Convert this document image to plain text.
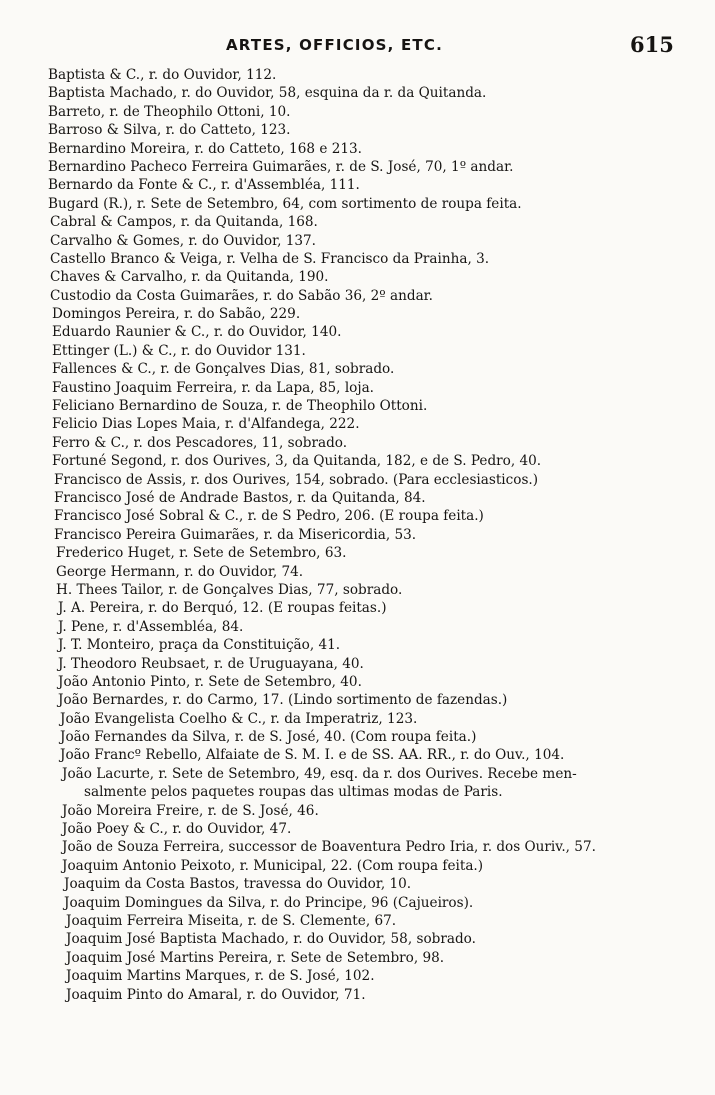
ARTES, OFFICIOS, ETC.	615
Baptista & C., r. do Ouvidor, 112.
Baptista Machado, r. do Ouvidor, 58, esquina da r. da Quitanda.
Barreto, r. de Theophilo Ottoni, 10.
Barroso & Silva, r. do Catteto, 123.
Bernardino Moreira, r. do Catteto, 168 e 213.
Bernardino Pacheco Ferreira Guimarães, r. de S. José, 70, 1º andar.
Bernardo da Fonte & C., r. d'Assembléa, 111.
Bugard (R.), r. Sete de Setembro, 64, com sortimento de roupa feita.
Cabral & Campos, r. da Quitanda, 168.
Carvalho & Gomes, r. do Ouvidor, 137.
Castello Branco & Veiga, r. Velha de S. Francisco da Prainha, 3.
Chaves & Carvalho, r. da Quitanda, 190.
Custodio da Costa Guimarães, r. do Sabão 36, 2º andar.
Domingos Pereira, r. do Sabão, 229.
Eduardo Raunier & C., r. do Ouvidor, 140.
Ettinger (L.) & C., r. do Ouvidor 131.
Fallences & C., r. de Gonçalves Dias, 81, sobrado.
Faustino Joaquim Ferreira, r. da Lapa, 85, loja.
Feliciano Bernardino de Souza, r. de Theophilo Ottoni.
Felicio Dias Lopes Maia, r. d'Alfandega, 222.
Ferro & C., r. dos Pescadores, 11, sobrado.
Fortuné Segond, r. dos Ourives, 3, da Quitanda, 182, e de S. Pedro, 40.
Francisco de Assis, r. dos Ourives, 154, sobrado. (Para ecclesiasticos.)
Francisco José de Andrade Bastos, r. da Quitanda, 84.
Francisco José Sobral & C., r. de S Pedro, 206. (E roupa feita.)
Francisco Pereira Guimarães, r. da Misericordia, 53.
Frederico Huget, r. Sete de Setembro, 63.
George Hermann, r. do Ouvidor, 74.
H. Thees Tailor, r. de Gonçalves Dias, 77, sobrado.
J. A. Pereira, r. do Berquó, 12. (E roupas feitas.)
J. Pene, r. d'Assembléa, 84.
J. T. Monteiro, praça da Constituição, 41.
J. Theodoro Reubsaet, r. de Uruguayana, 40.
João Antonio Pinto, r. Sete de Setembro, 40.
João Bernardes, r. do Carmo, 17. (Lindo sortimento de fazendas.)
João Evangelista Coelho & C., r. da Imperatriz, 123.
João Fernandes da Silva, r. de S. José, 40. (Com roupa feita.)
João Francº Rebello, Alfaiate de S. M. I. e de SS. AA. RR., r. do Ouv., 104.
João Lacurte, r. Sete de Setembro, 49, esq. da r. dos Ourives. Recebe men-
salmente pelos paquetes roupas das ultimas modas de Paris.
João Moreira Freire, r. de S. José, 46.
João Poey & C., r. do Ouvidor, 47.
João de Souza Ferreira, successor de Boaventura Pedro Iria, r. dos Ouriv., 57.
Joaquim Antonio Peixoto, r. Municipal, 22. (Com roupa feita.)
Joaquim da Costa Bastos, travessa do Ouvidor, 10.
Joaquim Domingues da Silva, r. do Principe, 96 (Cajueiros).
Joaquim Ferreira Miseita, r. de S. Clemente, 67.
Joaquim José Baptista Machado, r. do Ouvidor, 58, sobrado.
Joaquim José Martins Pereira, r. Sete de Setembro, 98.
Joaquim Martins Marques, r. de S. José, 102.
Joaquim Pinto do Amaral, r. do Ouvidor, 71.
